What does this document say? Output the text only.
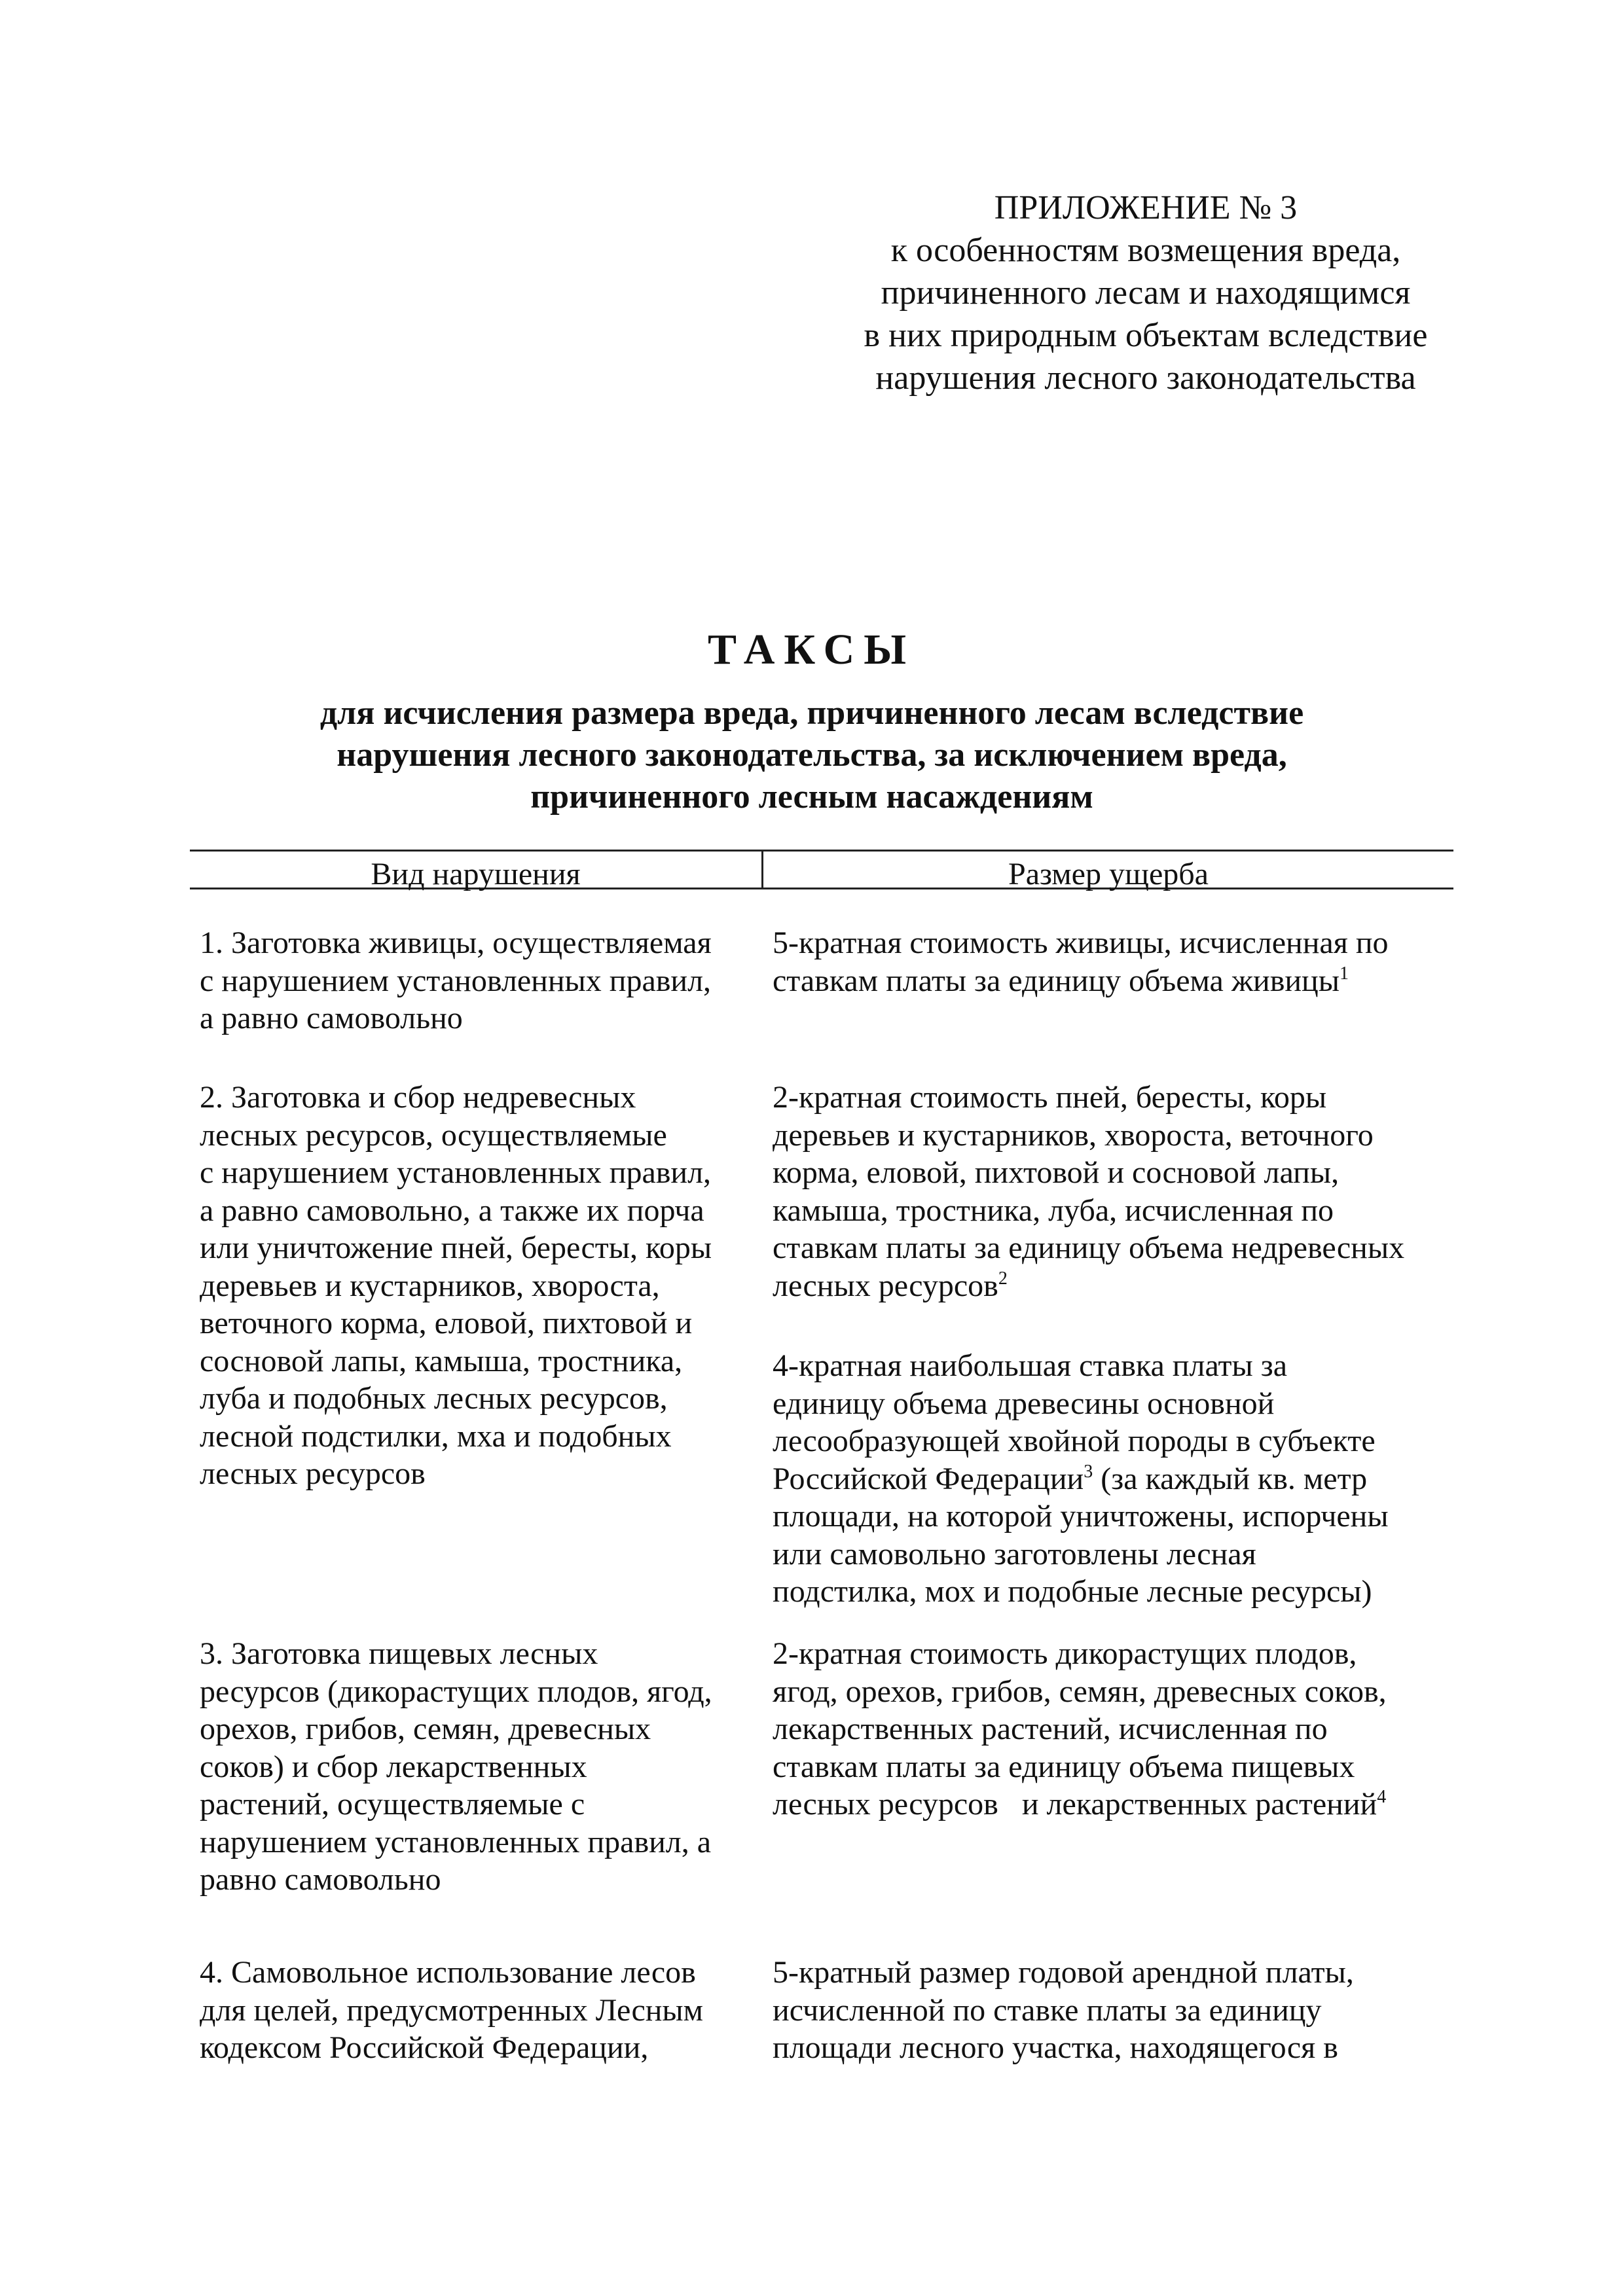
ПРИЛОЖЕНИЕ № 3
к особенностям возмещения вреда,
причиненного лесам и находящимся
в них природным объектам вследствие
нарушения лесного законодательства
ТАКСЫ
для исчисления размера вреда, причиненного лесам вследствие
нарушения лесного законодательства, за исключением вреда,
причиненного лесным насаждениям
Вид нарушения	Размер ущерба
1. Заготовка живицы, осуществляемая
с нарушением установленных правил,
а равно самовольно
5-кратная стоимость живицы, исчисленная по
ставкам платы за единицу объема живицы$^1$
2. Заготовка и сбор недревесных
лесных ресурсов, осуществляемые
с нарушением установленных правил,
а равно самовольно, а также их порча
или уничтожение пней, бересты, коры
деревьев и кустарников, хвороста,
веточного корма, еловой, пихтовой и
сосновой лапы, камыша, тростника,
луба и подобных лесных ресурсов,
лесной подстилки, мха и подобных
лесных ресурсов
2-кратная стоимость пней, бересты, коры
деревьев и кустарников, хвороста, веточного
корма, еловой, пихтовой и сосновой лапы,
камыша, тростника, луба, исчисленная по
ставкам платы за единицу объема недревесных
лесных ресурсов$^2$
4-кратная наибольшая ставка платы за
единицу объема древесины основной
лесообразующей хвойной породы в субъекте
Российской Федерации$^3$ (за каждый кв. метр
площади, на которой уничтожены, испорчены
или самовольно заготовлены лесная
подстилка, мох и подобные лесные ресурсы)
3. Заготовка пищевых лесных
ресурсов (дикорастущих плодов, ягод,
орехов, грибов, семян, древесных
соков) и сбор лекарственных
растений, осуществляемые с
нарушением установленных правил, а
равно самовольно
2-кратная стоимость дикорастущих плодов,
ягод, орехов, грибов, семян, древесных соков,
лекарственных растений, исчисленная по
ставкам платы за единицу объема пищевых
лесных ресурсов   и лекарственных растений$^4$
4. Самовольное использование лесов
для целей, предусмотренных Лесным
кодексом Российской Федерации,
5-кратный размер годовой арендной платы,
исчисленной по ставке платы за единицу
площади лесного участка, находящегося в
